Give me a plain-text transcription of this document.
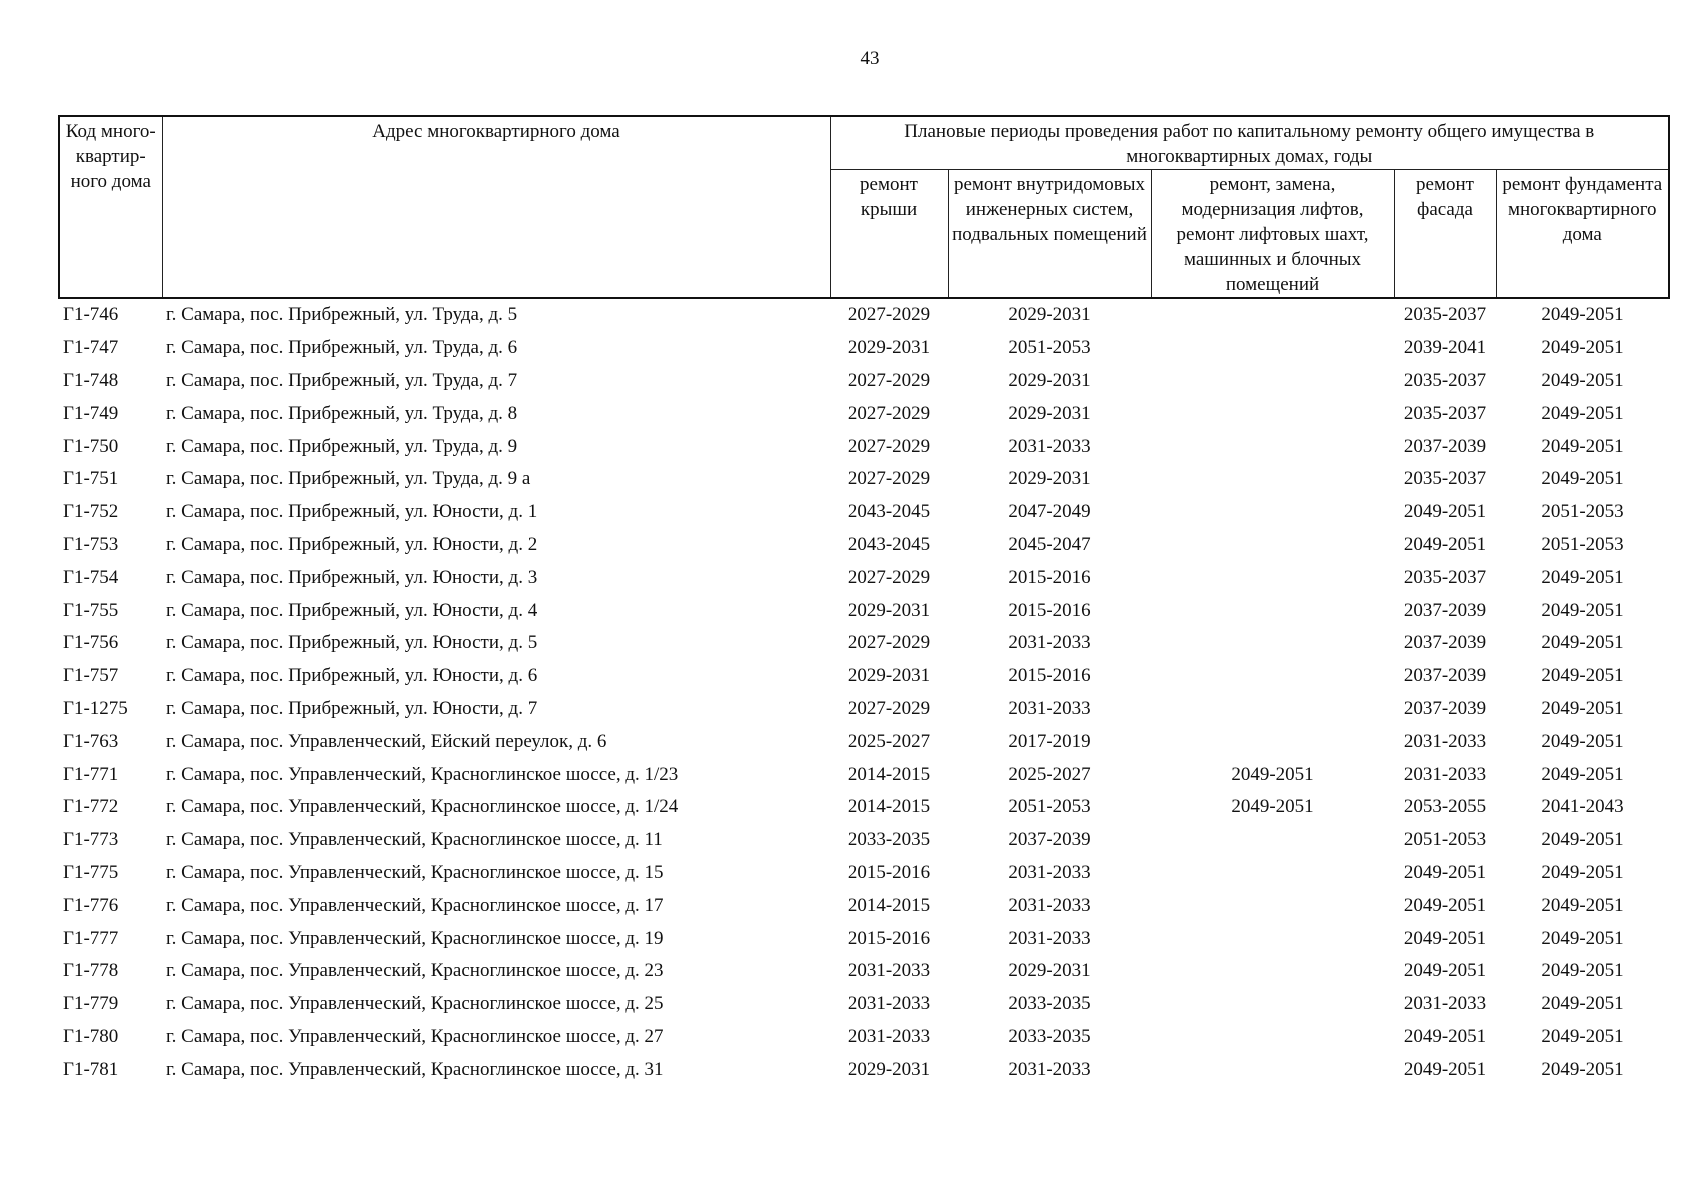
43
Код много-квартир-ного дома	Адрес многоквартирного дома	Плановые периоды проведения работ по капитальному ремонту общего имущества в многоквартирных домах, годы				
		ремонт крыши	ремонт внутридомовых инженерных систем, подвальных помещений	ремонт, замена, модернизация лифтов, ремонт лифтовых шахт, машинных и блочных помещений	ремонт фасада	ремонт фундамента многоквартирного дома
Г1-746	г. Самара, пос. Прибрежный, ул. Труда, д. 5	2027-2029	2029-2031		2035-2037	2049-2051
Г1-747	г. Самара, пос. Прибрежный, ул. Труда, д. 6	2029-2031	2051-2053		2039-2041	2049-2051
Г1-748	г. Самара, пос. Прибрежный, ул. Труда, д. 7	2027-2029	2029-2031		2035-2037	2049-2051
Г1-749	г. Самара, пос. Прибрежный, ул. Труда, д. 8	2027-2029	2029-2031		2035-2037	2049-2051
Г1-750	г. Самара, пос. Прибрежный, ул. Труда, д. 9	2027-2029	2031-2033		2037-2039	2049-2051
Г1-751	г. Самара, пос. Прибрежный, ул. Труда, д. 9 а	2027-2029	2029-2031		2035-2037	2049-2051
Г1-752	г. Самара, пос. Прибрежный, ул. Юности, д. 1	2043-2045	2047-2049		2049-2051	2051-2053
Г1-753	г. Самара, пос. Прибрежный, ул. Юности, д. 2	2043-2045	2045-2047		2049-2051	2051-2053
Г1-754	г. Самара, пос. Прибрежный, ул. Юности, д. 3	2027-2029	2015-2016		2035-2037	2049-2051
Г1-755	г. Самара, пос. Прибрежный, ул. Юности, д. 4	2029-2031	2015-2016		2037-2039	2049-2051
Г1-756	г. Самара, пос. Прибрежный, ул. Юности, д. 5	2027-2029	2031-2033		2037-2039	2049-2051
Г1-757	г. Самара, пос. Прибрежный, ул. Юности, д. 6	2029-2031	2015-2016		2037-2039	2049-2051
Г1-1275	г. Самара, пос. Прибрежный, ул. Юности, д. 7	2027-2029	2031-2033		2037-2039	2049-2051
Г1-763	г. Самара, пос. Управленческий, Ейский переулок, д. 6	2025-2027	2017-2019		2031-2033	2049-2051
Г1-771	г. Самара, пос. Управленческий, Красноглинское шоссе, д. 1/23	2014-2015	2025-2027	2049-2051	2031-2033	2049-2051
Г1-772	г. Самара, пос. Управленческий, Красноглинское шоссе, д. 1/24	2014-2015	2051-2053	2049-2051	2053-2055	2041-2043
Г1-773	г. Самара, пос. Управленческий, Красноглинское шоссе, д. 11	2033-2035	2037-2039		2051-2053	2049-2051
Г1-775	г. Самара, пос. Управленческий, Красноглинское шоссе, д. 15	2015-2016	2031-2033		2049-2051	2049-2051
Г1-776	г. Самара, пос. Управленческий, Красноглинское шоссе, д. 17	2014-2015	2031-2033		2049-2051	2049-2051
Г1-777	г. Самара, пос. Управленческий, Красноглинское шоссе, д. 19	2015-2016	2031-2033		2049-2051	2049-2051
Г1-778	г. Самара, пос. Управленческий, Красноглинское шоссе, д. 23	2031-2033	2029-2031		2049-2051	2049-2051
Г1-779	г. Самара, пос. Управленческий, Красноглинское шоссе, д. 25	2031-2033	2033-2035		2031-2033	2049-2051
Г1-780	г. Самара, пос. Управленческий, Красноглинское шоссе, д. 27	2031-2033	2033-2035		2049-2051	2049-2051
Г1-781	г. Самара, пос. Управленческий, Красноглинское шоссе, д. 31	2029-2031	2031-2033		2049-2051	2049-2051
